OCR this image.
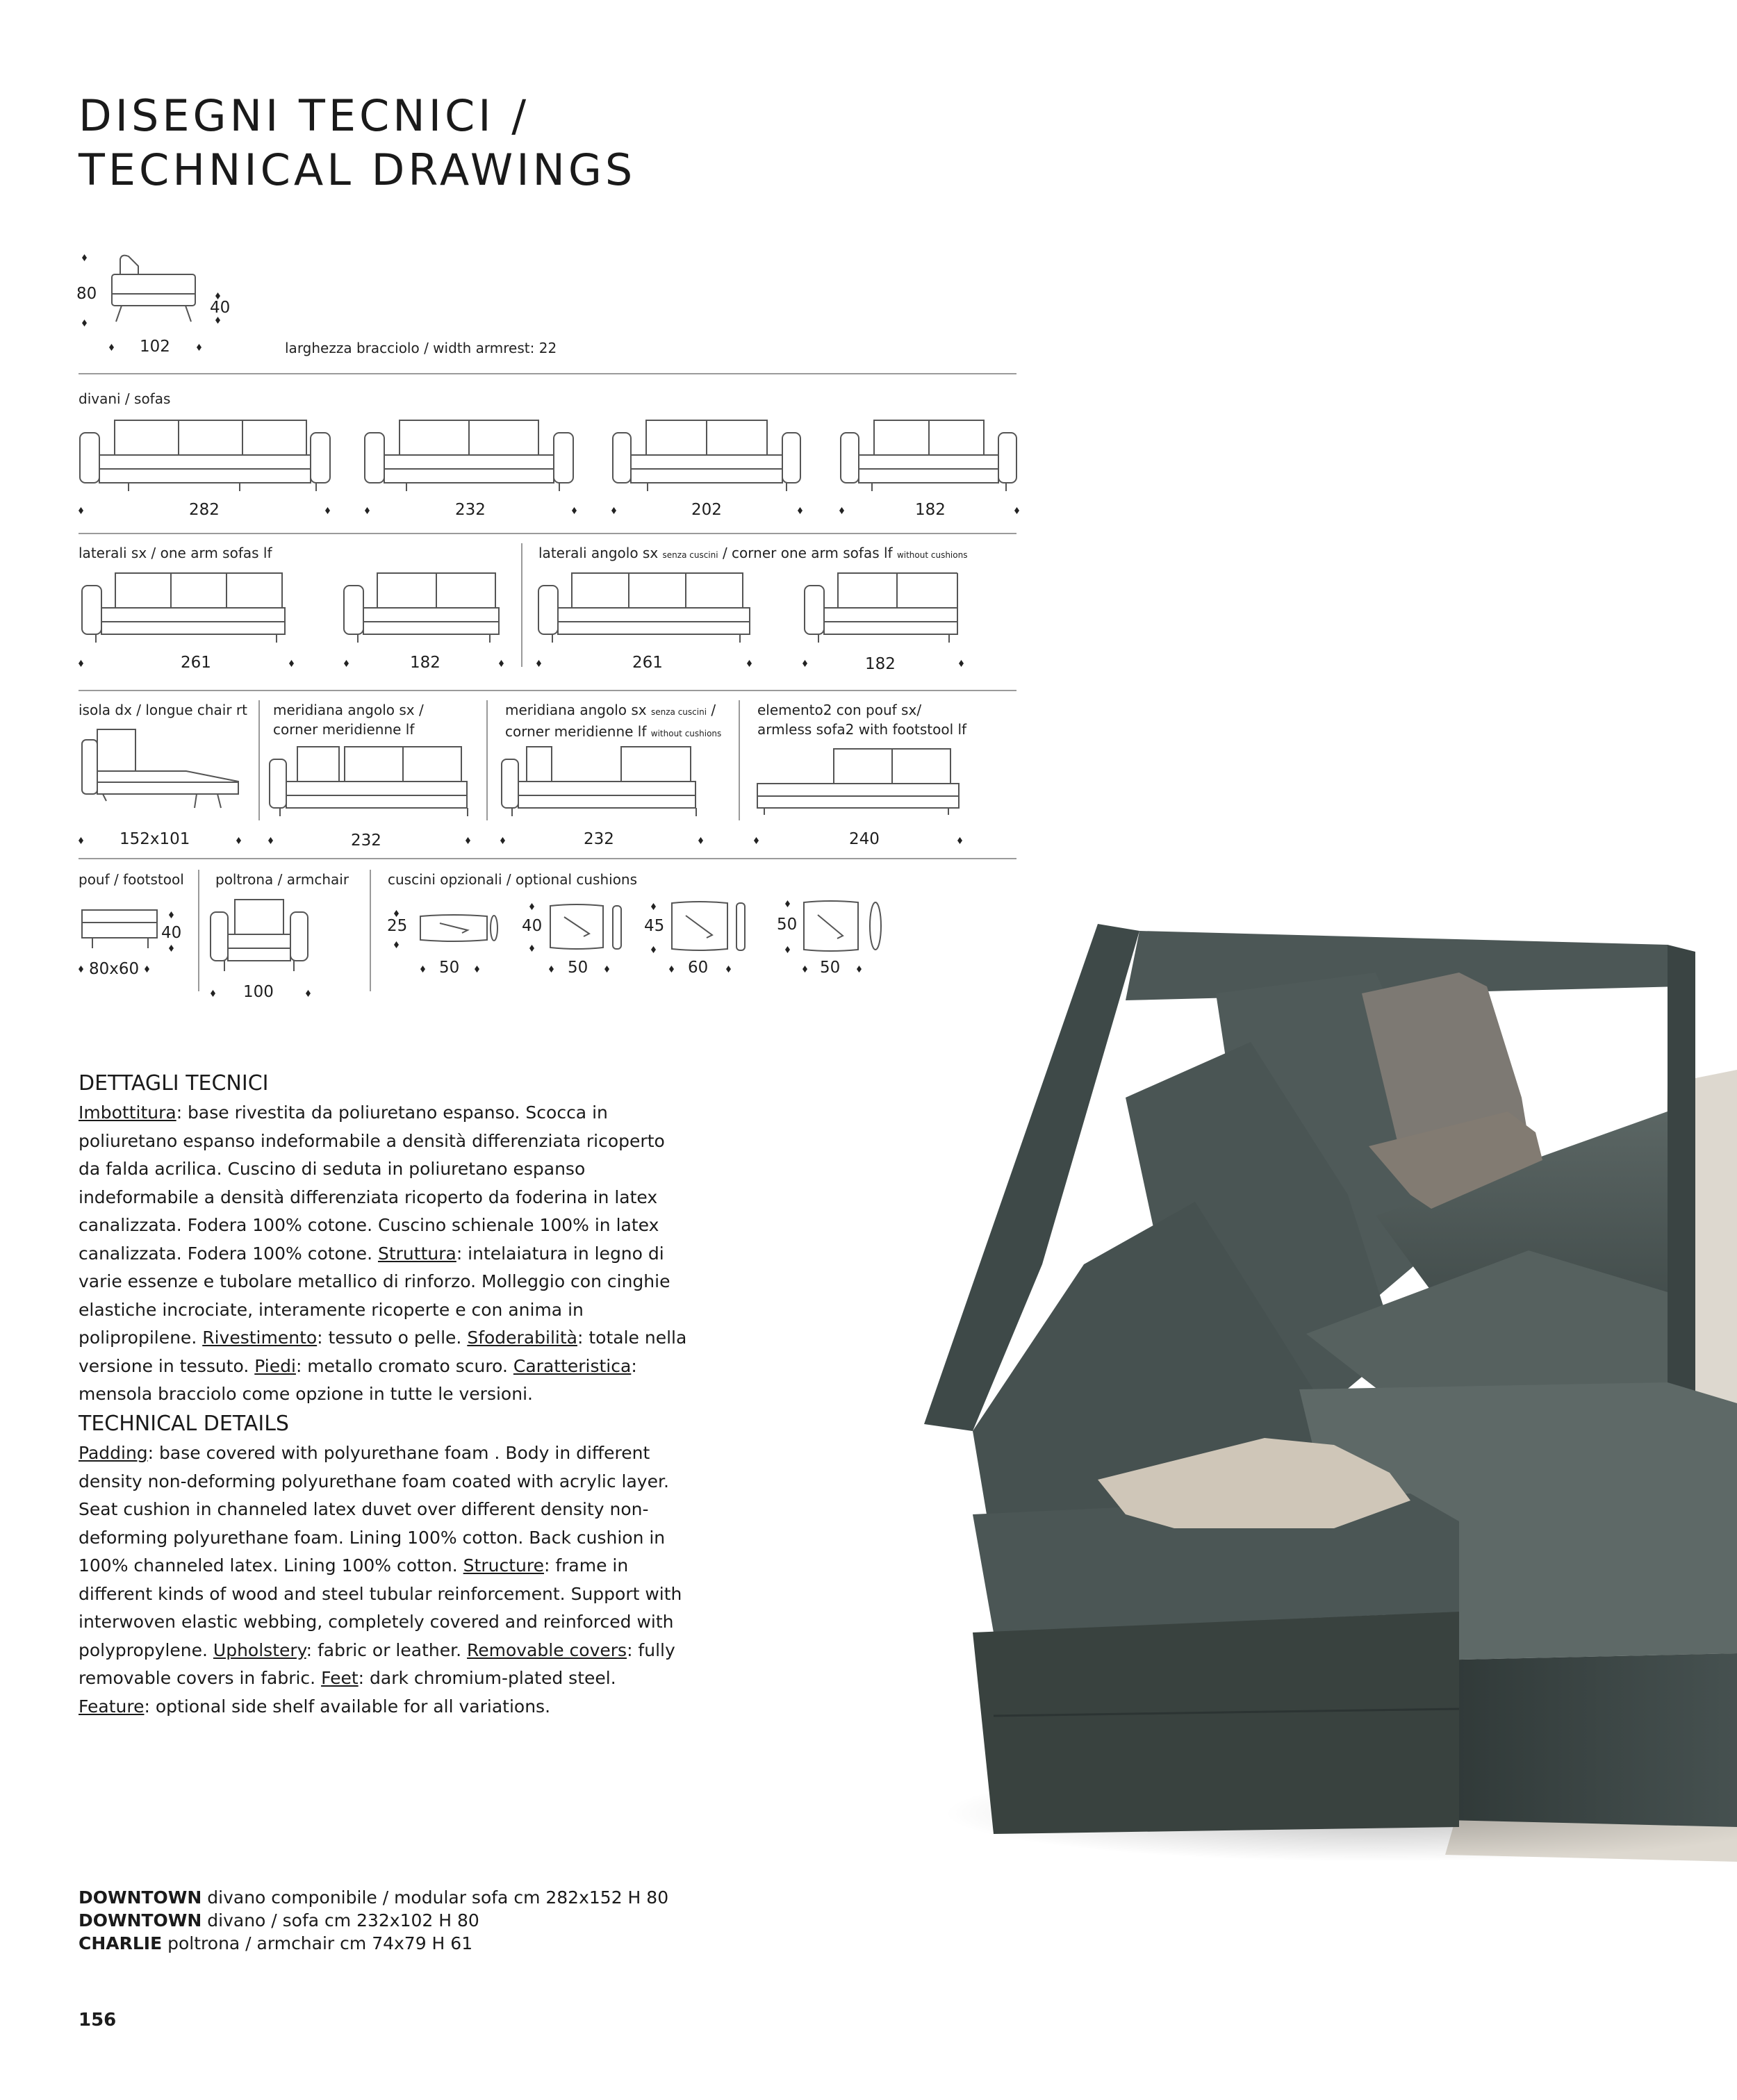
DISEGNI TECNICI /
TECHNICAL DRAWINGS
80
40
102	larghezza bracciolo / width armrest: 22
divani / sofas
282	232	202	182
laterali sx / one arm sofas lf
261	182
laterali angolo sx senza cuscini / corner one arm sofas lf without cushions
261	182
isola dx / longue chair rt
152x101
meridiana angolo sx /
corner meridienne lf
232
meridiana angolo sx senza cuscini /
corner meridienne lf without cushions
232
elemento2 con pouf sx/
armless sofa2 with footstool lf
240
pouf / footstool
40
80x60
poltrona / armchair
100
cuscini opzionali / optional cushions
25
50
40
50
45
60
50
50
DETTAGLI TECNICI
Imbottitura: base rivestita da poliuretano espanso. Scocca in poliuretano espanso indeformabile a densità differenziata ricoperto da falda acrilica. Cuscino di seduta in poliuretano espanso indeformabile a densità differenziata ricoperto da foderina in latex canalizzata. Fodera 100% cotone. Cuscino schienale 100% in latex canalizzata. Fodera 100% cotone. Struttura: intelaiatura in legno di varie essenze e tubolare metallico di rinforzo. Molleggio con cinghie elastiche incrociate, interamente ricoperte e con anima in polipropilene. Rivestimento: tessuto o pelle. Sfoderabilità: totale nella versione in tessuto. Piedi: metallo cromato scuro. Caratteristica: mensola bracciolo come opzione in tutte le versioni.
TECHNICAL DETAILS
Padding: base covered with polyurethane foam . Body in different density non-deforming polyurethane foam coated with acrylic layer. Seat cushion in channeled latex duvet over different density non-deforming polyurethane foam. Lining 100% cotton. Back cushion in 100% channeled latex. Lining 100% cotton. Structure: frame in different kinds of wood and steel tubular reinforcement. Support with interwoven elastic webbing, completely covered and reinforced with polypropylene. Upholstery: fabric or leather. Removable covers: fully removable covers in fabric. Feet: dark chromium-plated steel. Feature: optional side shelf available for all variations.
DOWNTOWN divano componibile / modular sofa cm 282x152 H 80
DOWNTOWN divano / sofa cm 232x102 H 80
CHARLIE poltrona / armchair cm 74x79 H 61
156
